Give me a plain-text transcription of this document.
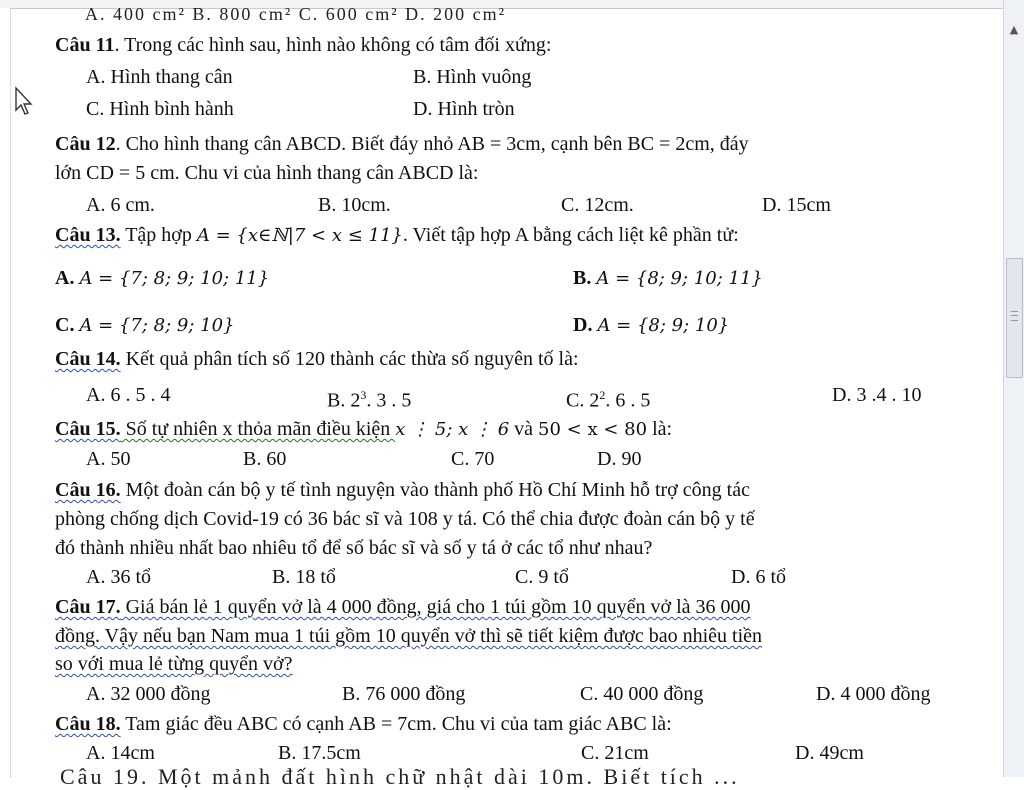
A. 400 cm² B. 800 cm² C. 600 cm² D. 200 cm²
Câu 11. Trong các hình sau, hình nào không có tâm đối xứng:
A. Hình thang cân	B. Hình vuông
C. Hình bình hành	D. Hình tròn
Câu 12. Cho hình thang cân ABCD. Biết đáy nhỏ AB = 3cm, cạnh bên BC = 2cm, đáy
lớn CD = 5 cm. Chu vi của hình thang cân ABCD là:
A. 6 cm.	B. 10cm.	C. 12cm.	D. 15cm
Câu 13. Tập hợp A = {x∈ℕ|7 < x ≤ 11}. Viết tập hợp A bằng cách liệt kê phần tử:
A. A = {7; 8; 9; 10; 11}	B. A = {8; 9; 10; 11}
C. A = {7; 8; 9; 10}	D. A = {8; 9; 10}
Câu 14. Kết quả phân tích số 120 thành các thừa số nguyên tố là:
A. 6 . 5 . 4	B. $2^3$. 3 . 5	C. $2^2$. 6 . 5	D. 3 .4 . 10
Câu 15. Số tự nhiên x thỏa mãn điều kiện x ⋮ 5; x ⋮ 6 và 50 < x < 80 là:
A. 50	B. 60	C. 70	D. 90
Câu 16. Một đoàn cán bộ y tế tình nguyện vào thành phố Hồ Chí Minh hỗ trợ công tác
phòng chống dịch Covid-19 có 36 bác sĩ và 108 y tá. Có thể chia được đoàn cán bộ y tế
đó thành nhiều nhất bao nhiêu tổ để số bác sĩ và số y tá ở các tổ như nhau?
A. 36 tổ	B. 18 tổ	C. 9 tổ	D. 6 tổ
Câu 17. Giá bán lẻ 1 quyển vở là 4 000 đồng, giá cho 1 túi gồm 10 quyển vở là 36 000
đồng. Vậy nếu bạn Nam mua 1 túi gồm 10 quyển vở thì sẽ tiết kiệm được bao nhiêu tiền
so với mua lẻ từng quyển vở?
A. 32 000 đồng	B. 76 000 đồng	C. 40 000 đồng	D. 4 000 đồng
Câu 18. Tam giác đều ABC có cạnh AB = 7cm. Chu vi của tam giác ABC là:
A. 14cm	B. 17.5cm	C. 21cm	D. 49cm
Câu 19. Một mảnh đất hình chữ nhật dài 10m. Biết tích ...
▲
